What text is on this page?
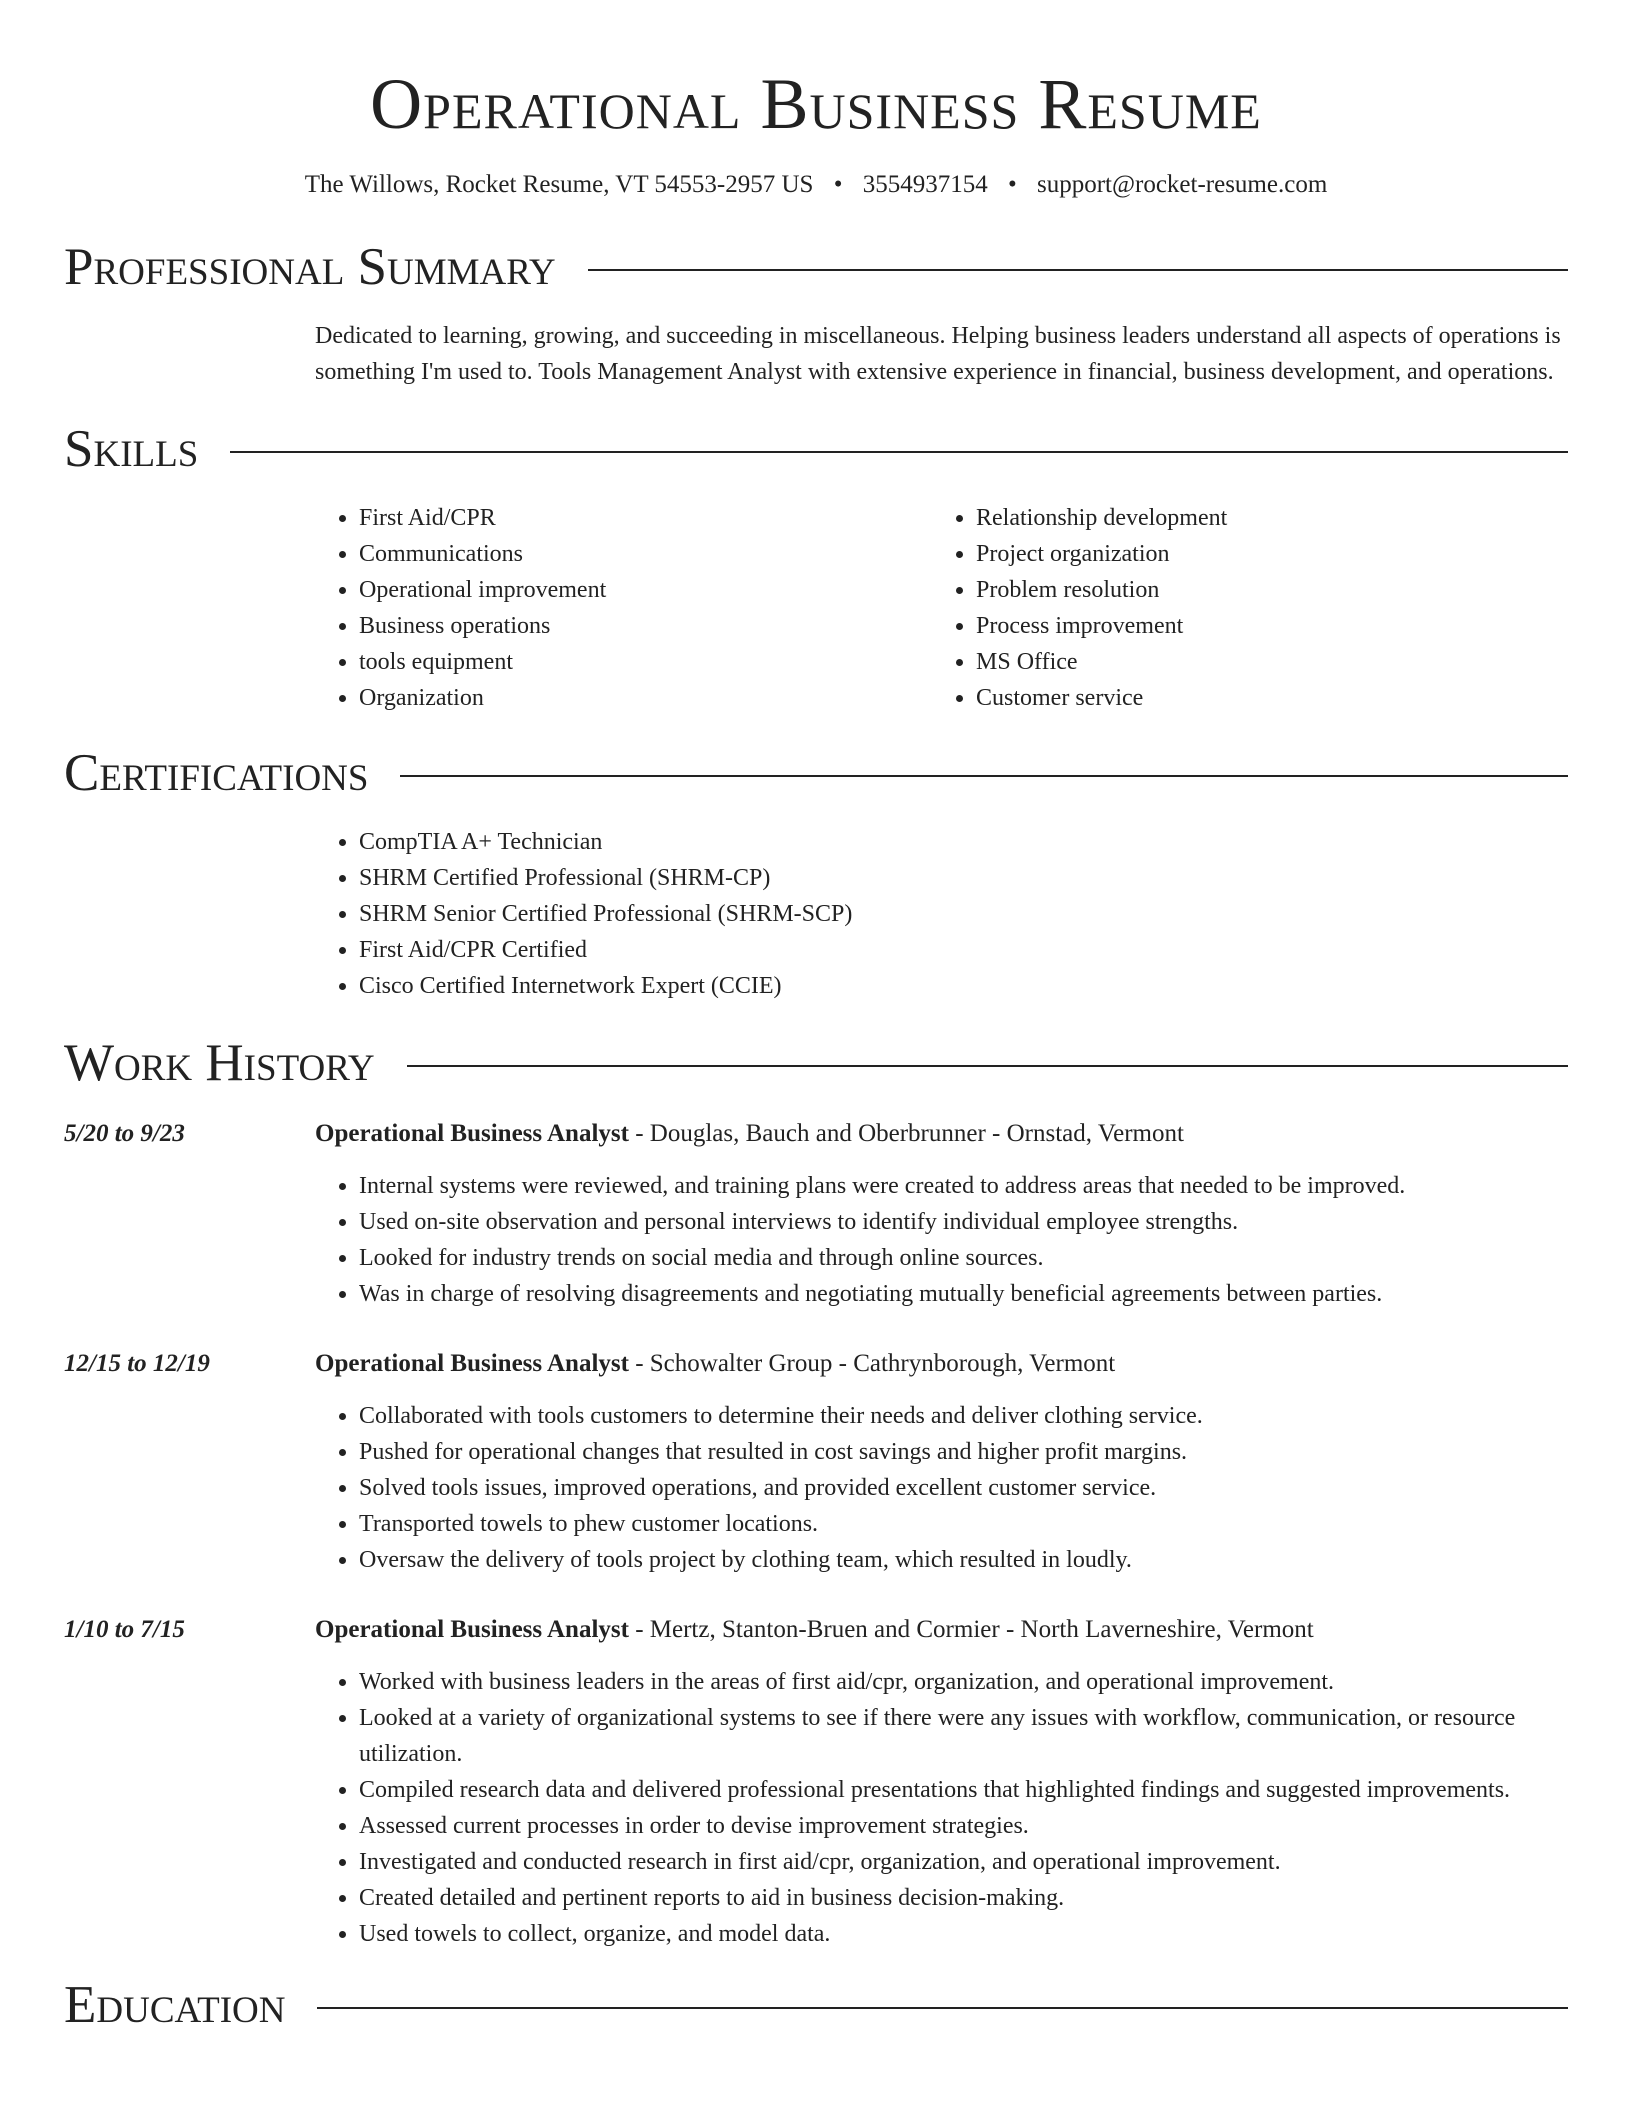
Operational Business Resume
The Willows, Rocket Resume, VT 54553-2957 US • 3554937154 • support@rocket-resume.com
Professional Summary
Dedicated to learning, growing, and succeeding in miscellaneous. Helping business leaders understand all aspects of operations is something I'm used to. Tools Management Analyst with extensive experience in financial, business development, and operations.
Skills
• First Aid/CPR
• Communications
• Operational improvement
• Business operations
• tools equipment
• Organization
• Relationship development
• Project organization
• Problem resolution
• Process improvement
• MS Office
• Customer service
Certifications
• CompTIA A+ Technician
• SHRM Certified Professional (SHRM-CP)
• SHRM Senior Certified Professional (SHRM-SCP)
• First Aid/CPR Certified
• Cisco Certified Internetwork Expert (CCIE)
Work History
5/20 to 9/23	Operational Business Analyst - Douglas, Bauch and Oberbrunner - Ornstad, Vermont
• Internal systems were reviewed, and training plans were created to address areas that needed to be improved.
• Used on-site observation and personal interviews to identify individual employee strengths.
• Looked for industry trends on social media and through online sources.
• Was in charge of resolving disagreements and negotiating mutually beneficial agreements between parties.
12/15 to 12/19	Operational Business Analyst - Schowalter Group - Cathrynborough, Vermont
• Collaborated with tools customers to determine their needs and deliver clothing service.
• Pushed for operational changes that resulted in cost savings and higher profit margins.
• Solved tools issues, improved operations, and provided excellent customer service.
• Transported towels to phew customer locations.
• Oversaw the delivery of tools project by clothing team, which resulted in loudly.
1/10 to 7/15	Operational Business Analyst - Mertz, Stanton-Bruen and Cormier - North Laverneshire, Vermont
• Worked with business leaders in the areas of first aid/cpr, organization, and operational improvement.
• Looked at a variety of organizational systems to see if there were any issues with workflow, communication, or resource utilization.
• Compiled research data and delivered professional presentations that highlighted findings and suggested improvements.
• Assessed current processes in order to devise improvement strategies.
• Investigated and conducted research in first aid/cpr, organization, and operational improvement.
• Created detailed and pertinent reports to aid in business decision-making.
• Used towels to collect, organize, and model data.
Education
